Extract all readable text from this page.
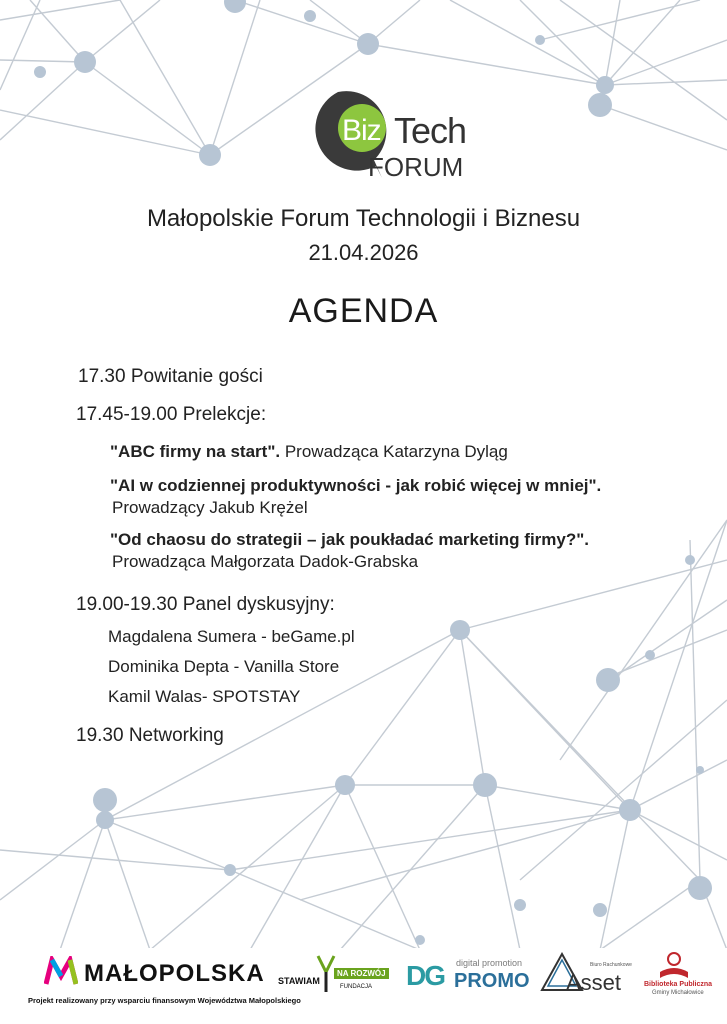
Biz Tech
FORUM
Małopolskie Forum Technologii i Biznesu
21.04.2026
AGENDA
17.30 Powitanie gości
17.45-19.00 Prelekcje:
"ABC firmy na start". Prowadząca Katarzyna Dyląg
"AI w codziennej produktywności - jak robić więcej w mniej".
Prowadzący Jakub Krężel
"Od chaosu do strategii – jak poukładać marketing firmy?".
Prowadząca Małgorzata Dadok-Grabska
19.00-19.30 Panel dyskusyjny:
Magdalena Sumera - beGame.pl
Dominika Depta - Vanilla Store
Kamil Walas- SPOTSTAY
19.30 Networking
MAŁOPOLSKA
Projekt realizowany przy wsparciu finansowym Województwa Małopolskiego
STAWIAM
NA ROZWÓJ
FUNDACJA DG digital promotion
PROMO Asset
Biuro Rachunkowe
Biblioteka Publiczna
Gminy Michałowice
